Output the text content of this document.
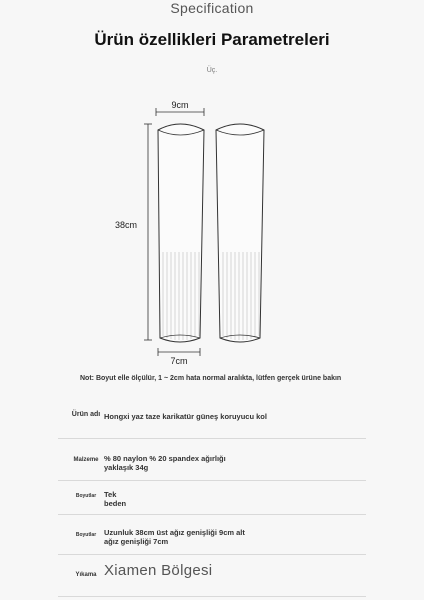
Specification
Ürün özellikleri Parametreleri
Üç.
9cm
38cm
7cm
Not: Boyut elle ölçülür, 1 ~ 2cm hata normal aralıkta, lütfen gerçek ürüne bakın
Ürün adı Hongxi yaz taze karikatür güneş koruyucu kol
Malzeme % 80 naylon % 20 spandex ağırlığı yaklaşık 34g
Boyutlar	Tek beden
Boyutlar	Uzunluk 38cm üst ağız genişliği 9cm alt ağız genişliği 7cm
Yıkama Xiamen Bölgesi
